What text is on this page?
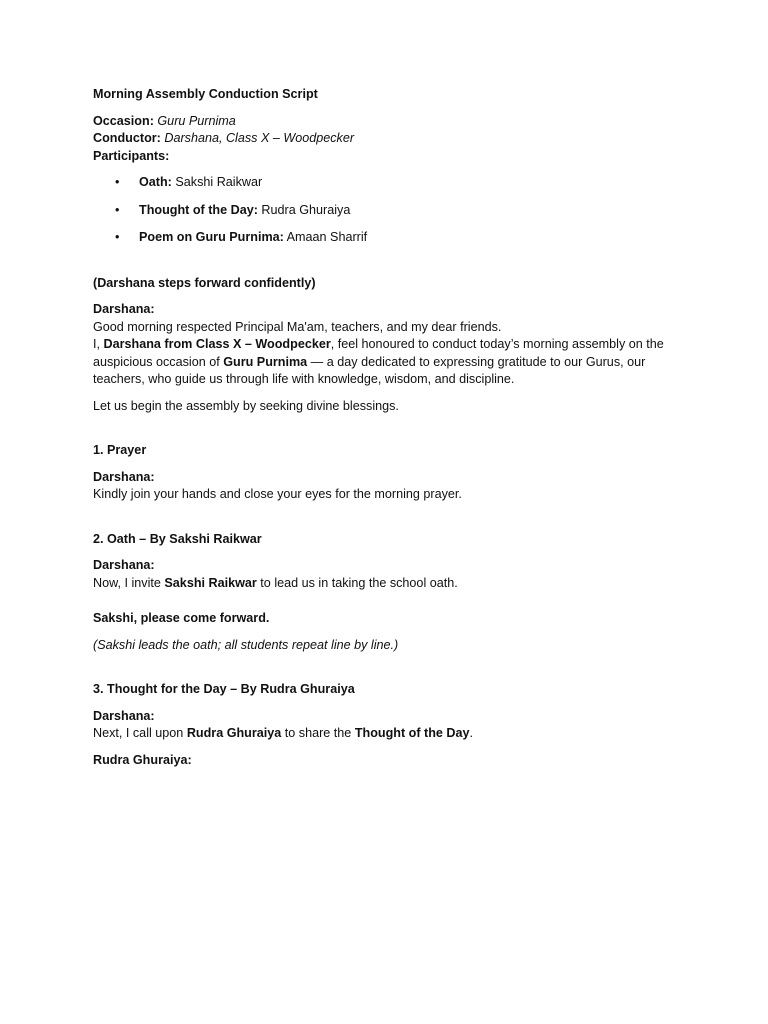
Morning Assembly Conduction Script

Occasion: Guru Purnima

Conductor: Darshana, Class X – Woodpecker

Participants:

• Oath: Sakshi Raikwar
• Thought of the Day: Rudra Ghuraiya
• Poem on Guru Purnima: Amaan Sharrif

(Darshana steps forward confidently)

Darshana:

Good morning respected Principal Ma'am, teachers, and my dear friends.

I, Darshana from Class X – Woodpecker, feel honoured to conduct today’s morning assembly on the auspicious occasion of Guru Purnima — a day dedicated to expressing gratitude to our Gurus, our teachers, who guide us through life with knowledge, wisdom, and discipline.

Let us begin the assembly by seeking divine blessings.

1. Prayer

Darshana:

Kindly join your hands and close your eyes for the morning prayer.

2. Oath – By Sakshi Raikwar

Darshana:

Now, I invite Sakshi Raikwar to lead us in taking the school oath.

Sakshi, please come forward.

(Sakshi leads the oath; all students repeat line by line.)

3. Thought for the Day – By Rudra Ghuraiya

Darshana:

Next, I call upon Rudra Ghuraiya to share the Thought of the Day.

Rudra Ghuraiya:
